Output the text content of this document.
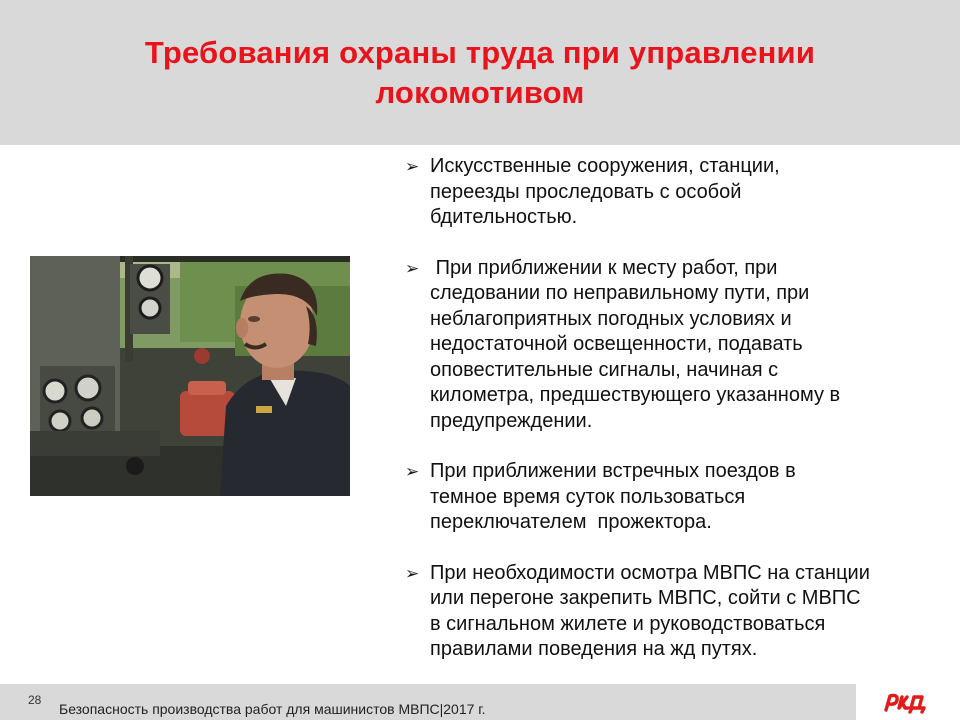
Требования охраны труда при управлении локомотивом
➢ Искусственные сооружения, станции,
переезды проследовать с особой
бдительностью.
➢ При приближении к месту работ, при
следовании по неправильному пути, при
неблагоприятных погодных условиях и
недостаточной освещенности, подавать
оповестительные сигналы, начиная с
километра, предшествующего указанному в
предупреждении.
➢ При приближении встречных поездов в
темное время суток пользоваться
переключателем  прожектора.
➢ При необходимости осмотра МВПС на станции
или перегоне закрепить МВПС, сойти с МВПС
в сигнальном жилете и руководствоваться
правилами поведения на жд путях.
28
Безопасность производства работ для машинистов МВПС|2017 г.
